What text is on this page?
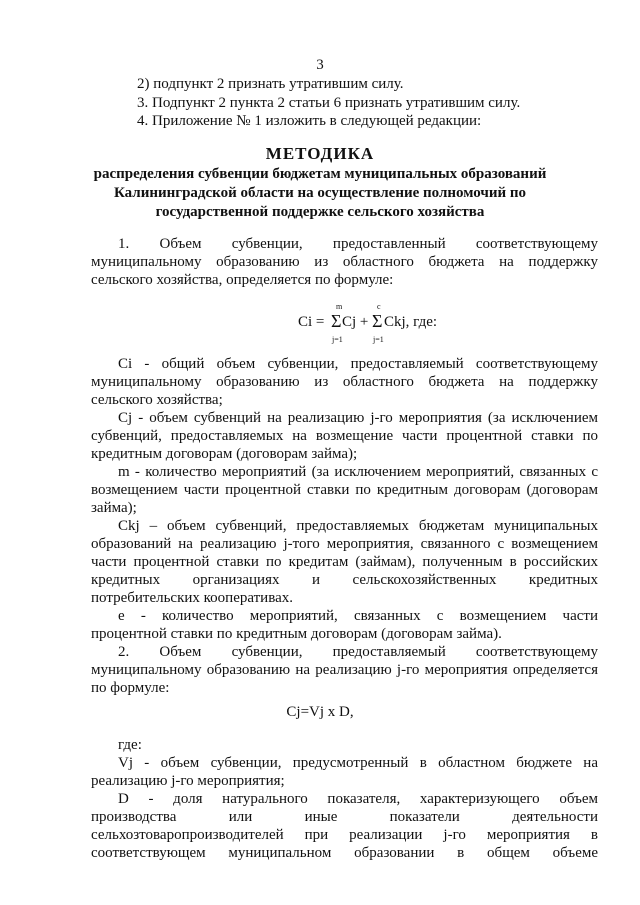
3
2) подпункт 2 признать утратившим силу.
3. Подпункт 2 пункта 2 статьи 6 признать утратившим силу.
4. Приложение № 1 изложить в следующей редакции:
МЕТОДИКА
распределения субвенции бюджетам муниципальных образований
Калининградской области на осуществление полномочий по
государственной поддержке сельского хозяйства
1. Объем субвенции, предоставленный соответствующему
муниципальному образованию из областного бюджета на поддержку
сельского хозяйства, определяется по формуле:
Ci =
m
Σ
j=1
Cj +
c
Σ
j=1
Ckj, где:
Ci - общий объем субвенции, предоставляемый соответствующему
муниципальному образованию из областного бюджета на поддержку
сельского хозяйства;
Cj - объем субвенций на реализацию j-го мероприятия (за исключением
субвенций, предоставляемых на возмещение части процентной ставки по
кредитным договорам (договорам займа);
m - количество мероприятий (за исключением мероприятий, связанных с
возмещением части процентной ставки по кредитным договорам (договорам
займа);
Ckj – объем субвенций, предоставляемых бюджетам муниципальных
образований на реализацию j-того мероприятия, связанного с возмещением
части процентной ставки по кредитам (займам), полученным в российских
кредитных организациях и сельскохозяйственных кредитных
потребительских кооперативах.
e - количество мероприятий, связанных с возмещением части
процентной ставки по кредитным договорам (договорам займа).
2. Объем субвенции, предоставляемый соответствующему
муниципальному образованию на реализацию j-го мероприятия определяется
по формуле:
Cj=Vj x D,
где:
Vj - объем субвенции, предусмотренный в областном бюджете на
реализацию j-го мероприятия;
D - доля натурального показателя, характеризующего объем
производства или иные показатели деятельности
сельхозтоваропроизводителей при реализации j-го мероприятия в
соответствующем муниципальном образовании в общем объеме
